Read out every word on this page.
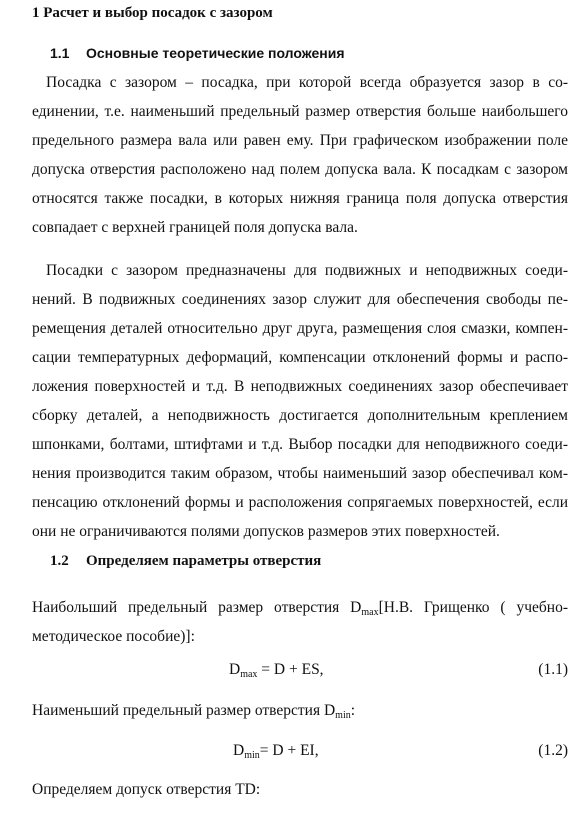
1 Расчет и выбор посадок с зазором
1.1 Основные теоретические положения
Посадка с зазором – посадка, при которой всегда образуется зазор в со-
единении, т.е. наименьший предельный размер отверстия больше наибольшего
предельного размера вала или равен ему. При графическом изображении поле
допуска отверстия расположено над полем допуска вала. К посадкам с зазором
относятся также посадки, в которых нижняя граница поля допуска отверстия
совпадает с верхней границей поля допуска вала.
Посадки с зазором предназначены для подвижных и неподвижных соеди-
нений. В подвижных соединениях зазор служит для обеспечения свободы пе-
ремещения деталей относительно друг друга, размещения слоя смазки, компен-
сации температурных деформаций, компенсации отклонений формы и распо-
ложения поверхностей и т.д. В неподвижных соединениях зазор обеспечивает
сборку деталей, а неподвижность достигается дополнительным креплением
шпонками, болтами, штифтами и т.д. Выбор посадки для неподвижного соеди-
нения производится таким образом, чтобы наименьший зазор обеспечивал ком-
пенсацию отклонений формы и расположения сопрягаемых поверхностей, если
они не ограничиваются полями допусков размеров этих поверхностей.
1.2 Определяем параметры отверстия
Наибольший предельный размер отверстия $D_{max}[Н.В$. Грищенко ( учебно-
методическое пособие)]:
$D_{max} = D$ + ES,	(1.1)
Наименьший предельный размер отверстия $D_{min}$:
$D_{min}= D$ + EI,	(1.2)
Определяем допуск отверстия TD:
